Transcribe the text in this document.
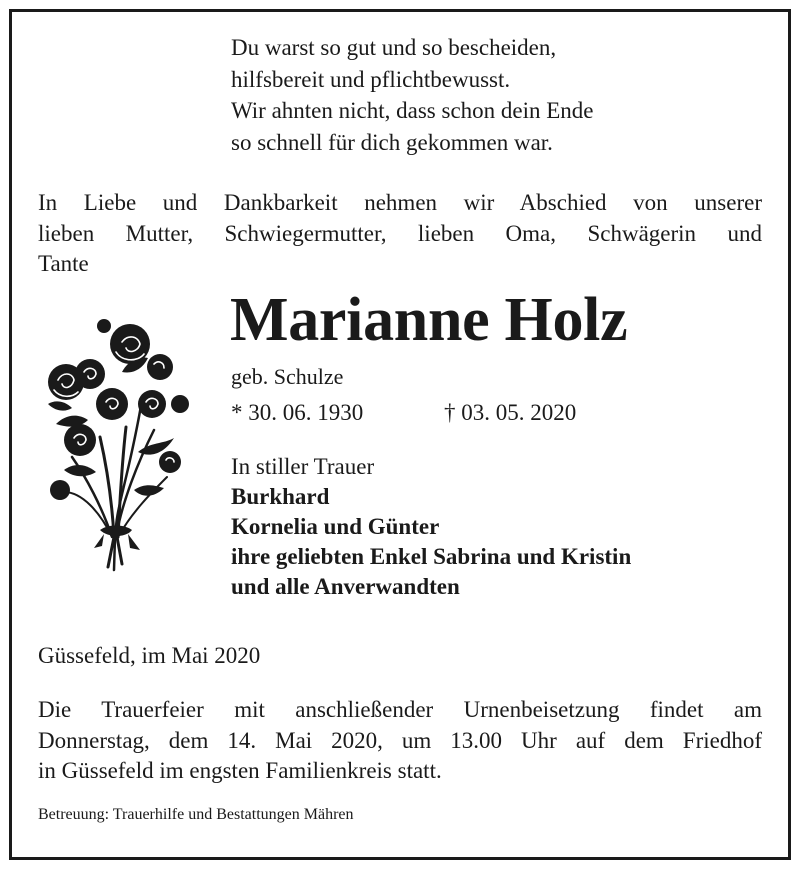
Du warst so gut und so bescheiden,
hilfsbereit und pflichtbewusst.
Wir ahnten nicht, dass schon dein Ende
so schnell für dich gekommen war.
In Liebe und Dankbarkeit nehmen wir Abschied von unserer
lieben Mutter, Schwiegermutter, lieben Oma, Schwägerin und
Tante
Marianne Holz
geb. Schulze
* 30. 06. 1930	† 03. 05. 2020
In stiller Trauer
Burkhard
Kornelia und Günter
ihre geliebten Enkel Sabrina und Kristin
und alle Anverwandten
Güssefeld, im Mai 2020
Die Trauerfeier mit anschließender Urnenbeisetzung findet am
Donnerstag, dem 14. Mai 2020, um 13.00 Uhr auf dem Friedhof
in Güssefeld im engsten Familienkreis statt.
Betreuung: Trauerhilfe und Bestattungen Mähren
